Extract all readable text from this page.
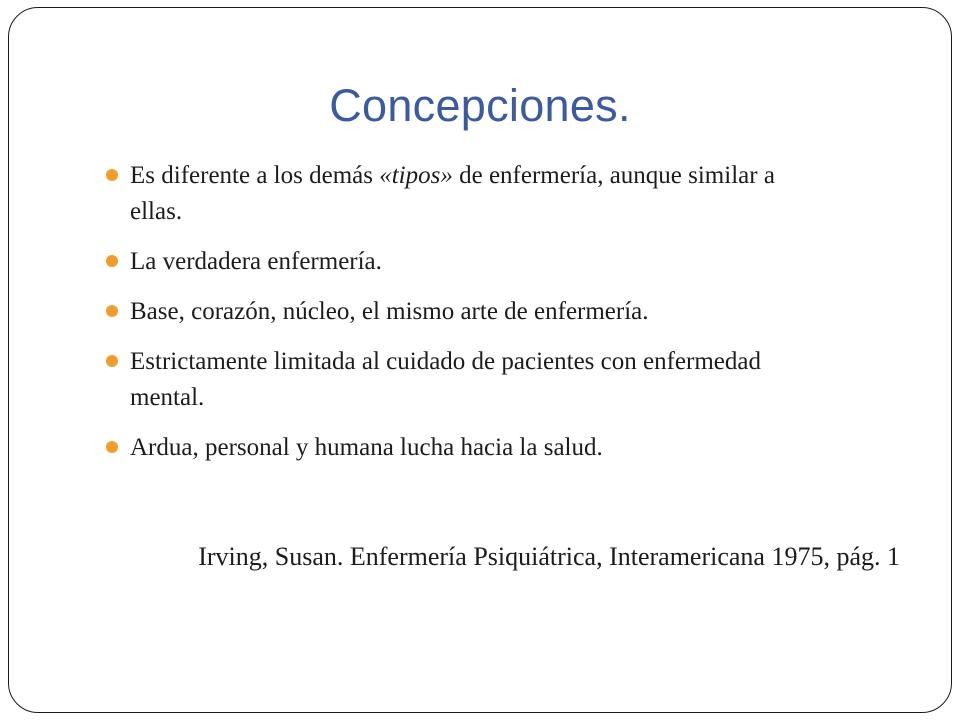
Concepciones.
Es diferente a los demás «tipos» de enfermería, aunque similar a ellas.
La verdadera enfermería.
Base, corazón, núcleo, el mismo arte de enfermería.
Estrictamente limitada al cuidado de pacientes con enfermedad mental.
Ardua, personal y humana lucha hacia la salud.
Irving, Susan. Enfermería Psiquiátrica, Interamericana 1975, pág. 1
